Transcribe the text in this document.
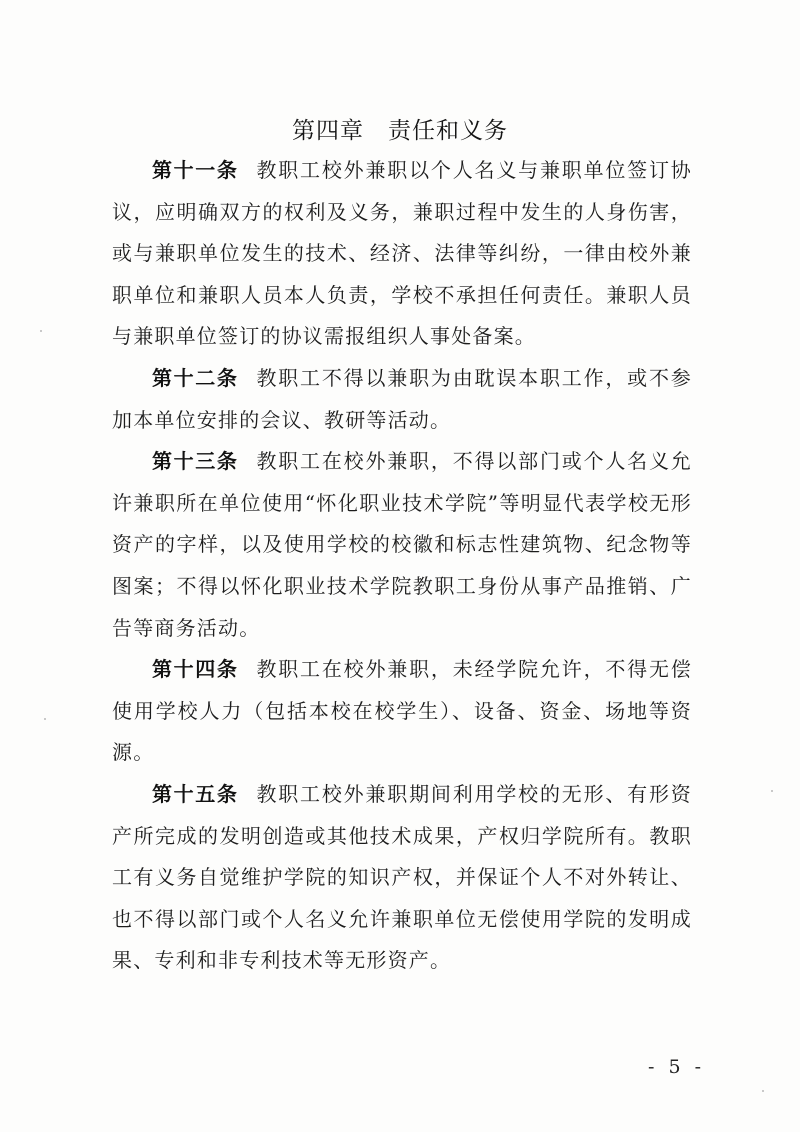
第四章 责任和义务

第十一条 教职工校外兼职以个人名义与兼职单位签订协议，应明确双方的权利及义务，兼职过程中发生的人身伤害，或与兼职单位发生的技术、经济、法律等纠纷，一律由校外兼职单位和兼职人员本人负责，学校不承担任何责任。兼职人员与兼职单位签订的协议需报组织人事处备案。

第十二条 教职工不得以兼职为由耽误本职工作，或不参加本单位安排的会议、教研等活动。

第十三条 教职工在校外兼职，不得以部门或个人名义允许兼职所在单位使用“怀化职业技术学院”等明显代表学校无形资产的字样，以及使用学校的校徽和标志性建筑物、纪念物等图案；不得以怀化职业技术学院教职工身份从事产品推销、广告等商务活动。

第十四条 教职工在校外兼职，未经学院允许，不得无偿使用学校人力（包括本校在校学生）、设备、资金、场地等资源。

第十五条 教职工校外兼职期间利用学校的无形、有形资产所完成的发明创造或其他技术成果，产权归学院所有。教职工有义务自觉维护学院的知识产权，并保证个人不对外转让、也不得以部门或个人名义允许兼职单位无偿使用学院的发明成果、专利和非专利技术等无形资产。

- 5 -
